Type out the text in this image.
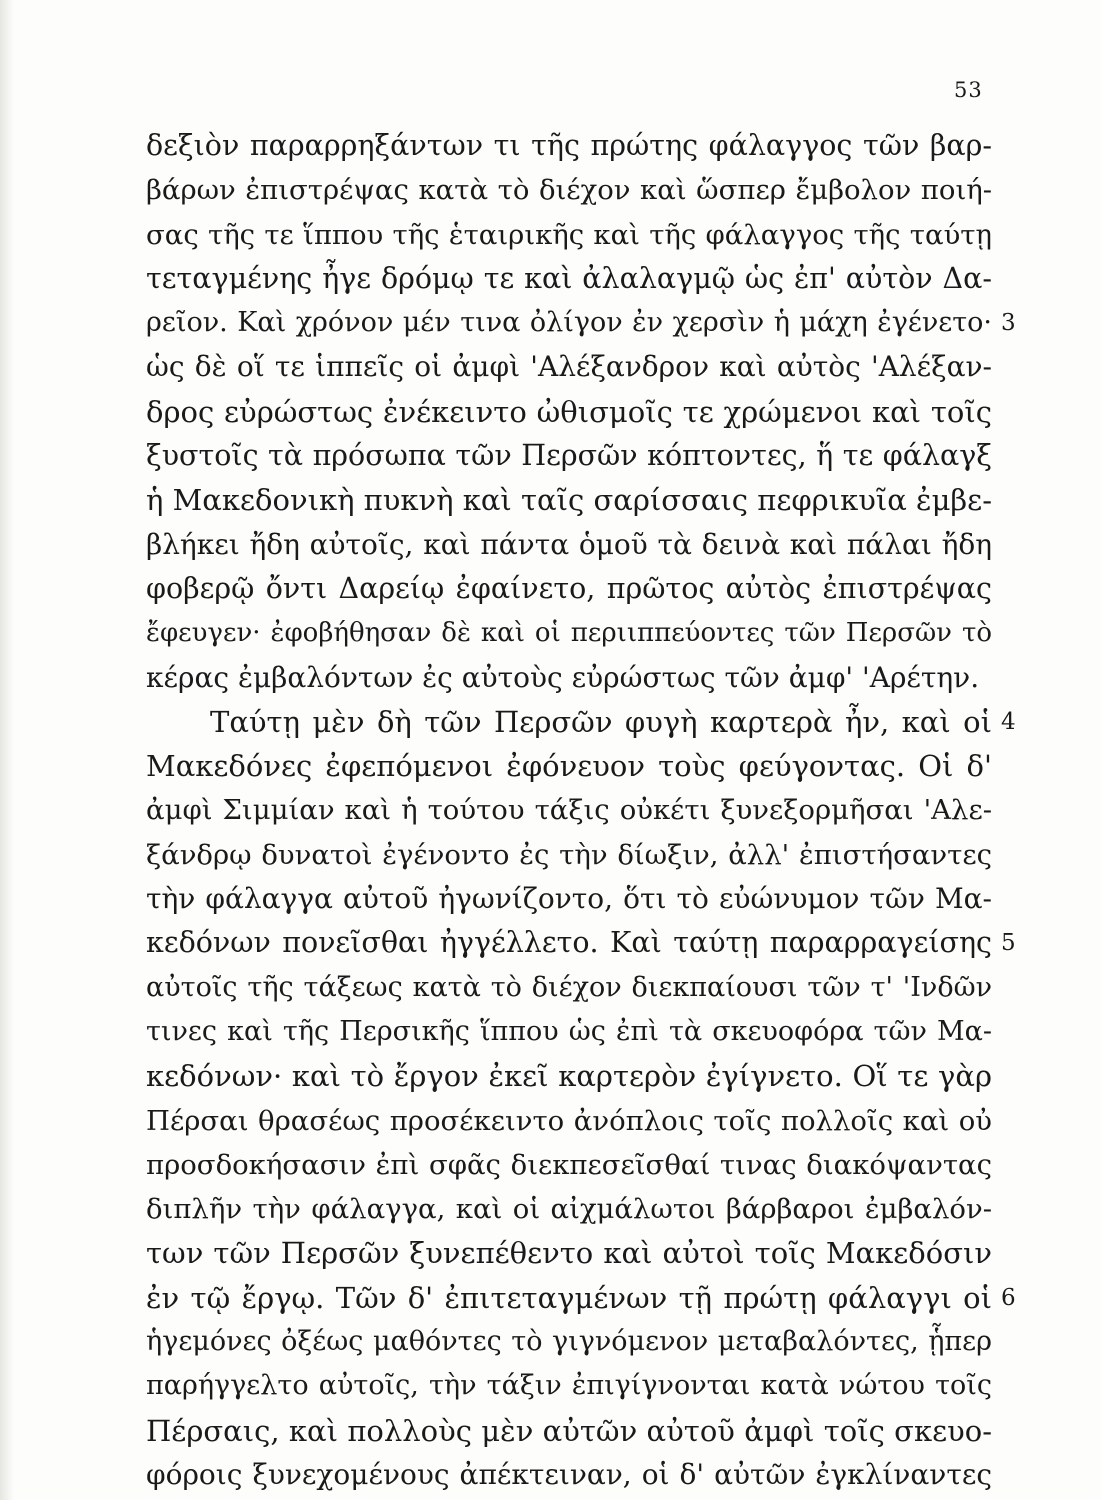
53
δεξιὸν παραρρηξάντων τι τῆς πρώτης φάλαγγος τῶν βαρ-
βάρων ἐπιστρέψας κατὰ τὸ διέχον καὶ ὥσπερ ἔμβολον ποιή-
σας τῆς τε ἵππου τῆς ἑταιρικῆς καὶ τῆς φάλαγγος τῆς ταύτῃ
τεταγμένης ἦγε δρόμῳ τε καὶ ἀλαλαγμῷ ὡς ἐπ' αὐτὸν Δα-
ρεῖον. Καὶ χρόνον μέν τινα ὀλίγον ἐν χερσὶν ἡ μάχη ἐγένετο· 3
ὡς δὲ οἵ τε ἱππεῖς οἱ ἀμφὶ 'Αλέξανδρον καὶ αὐτὸς 'Αλέξαν-
δρος εὐρώστως ἐνέκειντο ὠθισμοῖς τε χρώμενοι καὶ τοῖς
ξυστοῖς τὰ πρόσωπα τῶν Περσῶν κόπτοντες, ἥ τε φάλαγξ
ἡ Μακεδονικὴ πυκνὴ καὶ ταῖς σαρίσσαις πεφρικυῖα ἐμβε-
βλήκει ἤδη αὐτοῖς, καὶ πάντα ὁμοῦ τὰ δεινὰ καὶ πάλαι ἤδη
φοβερῷ ὄντι Δαρείῳ ἐφαίνετο, πρῶτος αὐτὸς ἐπιστρέψας
ἔφευγεν· ἐφοβήθησαν δὲ καὶ οἱ περιιππεύοντες τῶν Περσῶν τὸ
κέρας ἐμβαλόντων ἐς αὐτοὺς εὐρώστως τῶν ἀμφ' 'Αρέτην.
Ταύτῃ μὲν δὴ τῶν Περσῶν φυγὴ καρτερὰ ἦν, καὶ οἱ 4
Μακεδόνες ἐφεπόμενοι ἐφόνευον τοὺς φεύγοντας. Οἱ δ'
ἀμφὶ Σιμμίαν καὶ ἡ τούτου τάξις οὐκέτι ξυνεξορμῆσαι 'Αλε-
ξάνδρῳ δυνατοὶ ἐγένοντο ἐς τὴν δίωξιν, ἀλλ' ἐπιστήσαντες
τὴν φάλαγγα αὐτοῦ ἠγωνίζοντο, ὅτι τὸ εὐώνυμον τῶν Μα-
κεδόνων πονεῖσθαι ἠγγέλλετο. Καὶ ταύτῃ παραρραγείσης 5
αὐτοῖς τῆς τάξεως κατὰ τὸ διέχον διεκπαίουσι τῶν τ' 'Ινδῶν
τινες καὶ τῆς Περσικῆς ἵππου ὡς ἐπὶ τὰ σκευοφόρα τῶν Μα-
κεδόνων· καὶ τὸ ἔργον ἐκεῖ καρτερὸν ἐγίγνετο. Οἵ τε γὰρ
Πέρσαι θρασέως προσέκειντο ἀνόπλοις τοῖς πολλοῖς καὶ οὐ
προσδοκήσασιν ἐπὶ σφᾶς διεκπεσεῖσθαί τινας διακόψαντας
διπλῆν τὴν φάλαγγα, καὶ οἱ αἰχμάλωτοι βάρβαροι ἐμβαλόν-
των τῶν Περσῶν ξυνεπέθεντο καὶ αὐτοὶ τοῖς Μακεδόσιν
ἐν τῷ ἔργῳ. Τῶν δ' ἐπιτεταγμένων τῇ πρώτῃ φάλαγγι οἱ 6
ἡγεμόνες ὀξέως μαθόντες τὸ γιγνόμενον μεταβαλόντες, ᾗπερ
παρήγγελτο αὐτοῖς, τὴν τάξιν ἐπιγίγνονται κατὰ νώτου τοῖς
Πέρσαις, καὶ πολλοὺς μὲν αὐτῶν αὐτοῦ ἀμφὶ τοῖς σκευο-
φόροις ξυνεχομένους ἀπέκτειναν, οἱ δ' αὐτῶν ἐγκλίναντες
